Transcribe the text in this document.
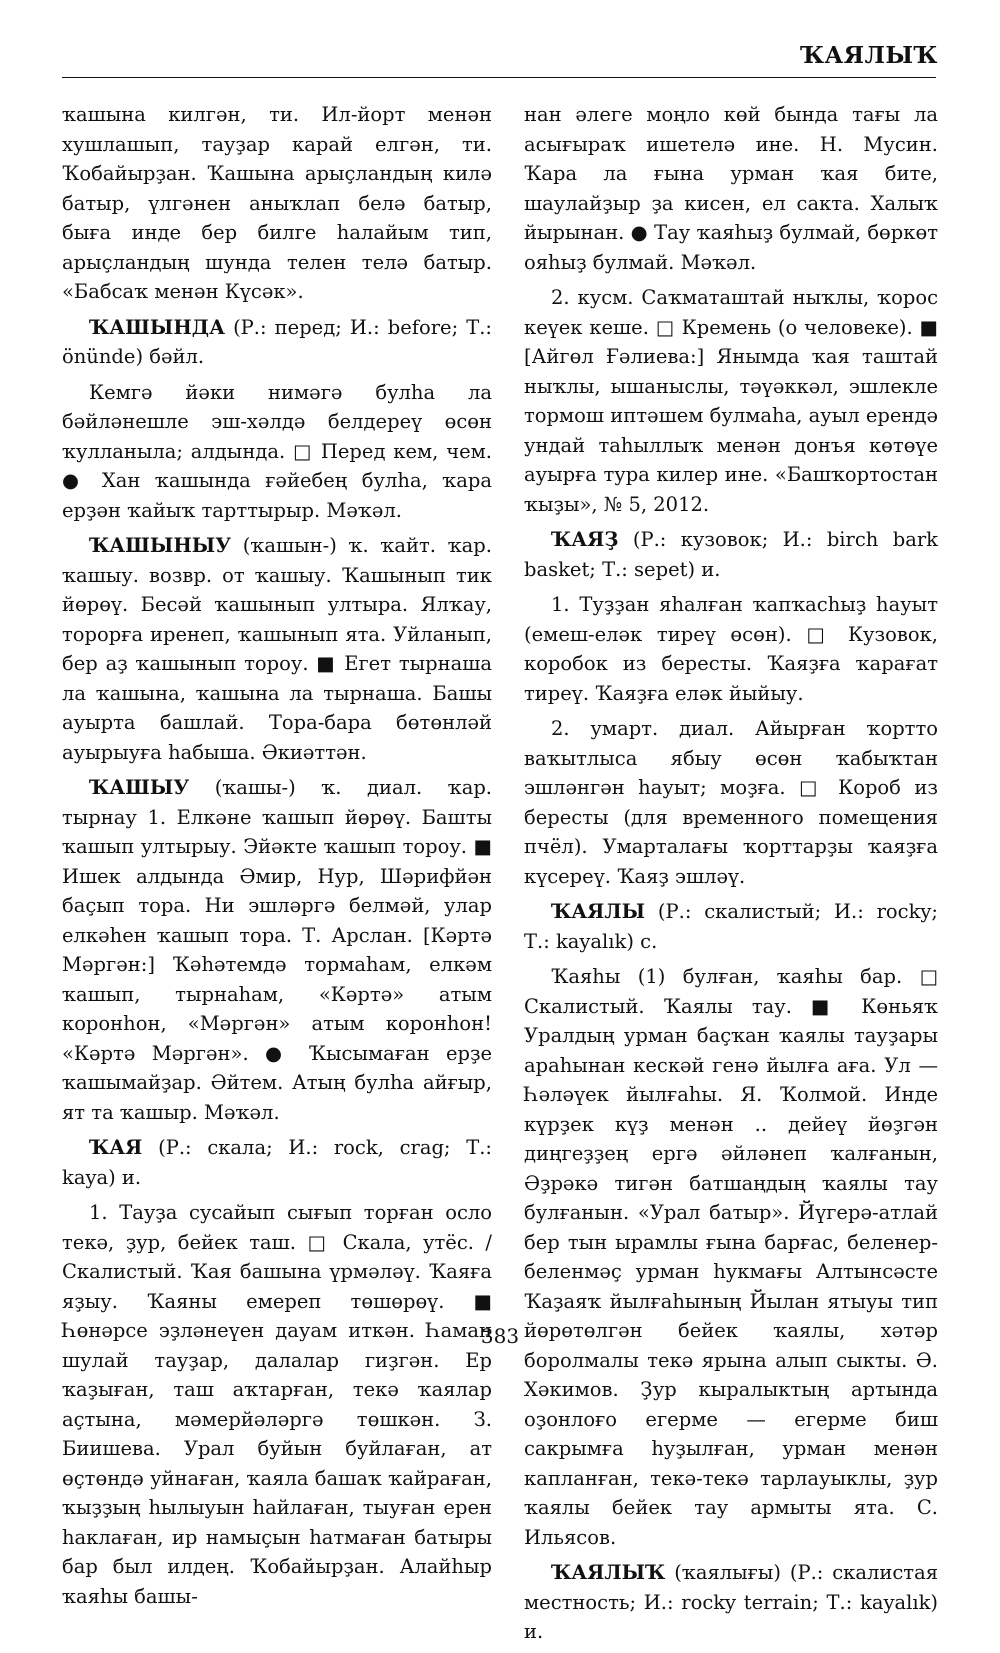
ҠАЯЛЫҠ

ҡашына килгән, ти. Ил-йорт менән хушлашып, тауҙар карай елгән, ти. Ҡобайырҙан. Ҡашына арыҫландың килә батыр, үлгәнен аныҡлап белә батыр, быға инде бер билге һалайым тип, арыҫландың шунда телен телә батыр. «Бабсаҡ менән Күсәк».

ҠАШЫНДА (Р.: перед; И.: before; Т.: önünde) бәйл.

Кемгә йәки нимәгә булһа ла бәйләнешле эш-хәлдә белдереү өсөн ҡулланыла; алдында. □ Перед кем, чем. ● Хан ҡашында ғәйебең булһа, ҡара ерҙән ҡайыҡ тарттырыр. Мәҡәл.

ҠАШЫНЫУ (ҡашын-) ҡ. ҡайт. ҡар. ҡашыу. возвр. от ҡашыу. Ҡашынып тик йөрөү. Бесәй ҡашынып ултыра. Ялҡау, торорға иренеп, ҡашынып ята. Уйланып, бер аҙ ҡашынып тороу. ■ Егет тырнаша ла ҡашына, ҡашына ла тырнаша. Башы ауырта башлай. Тора-бара бөтөнләй ауырыуға һабыша. Әкиәттән.

ҠАШЫУ (ҡашы-) ҡ. диал. ҡар. тырнау 1. Елкәне ҡашып йөрөү. Башты ҡашып ултырыу. Эйәкте ҡашып тороу. ■ Ишек алдында Әмир, Нур, Шәрифйән баҫып тора. Ни эшләргә белмәй, улар елкәһен ҡашып тора. Т. Арслан. [Кәртә Мәргән:] Ҡәһәтемдә тормаһам, елкәм ҡашып, тырнаһам, «Кәртә» атым коронһон, «Мәргән» атым коронһон! «Кәртә Мәргән». ● Ҡысымаған ерҙе ҡашымайҙар. Әйтем. Атың булһа айғыр, ят та ҡашыр. Мәҡәл.

ҠАЯ (Р.: скала; И.: rock, crag; Т.: kaya) и.

1. Тауҙа сусайып сығып торған осло текә, ҙур, бейек таш. □ Скала, утёс. / Скалистый. Ҡая башына үрмәләү. Ҡаяға яҙыу. Ҡаяны емереп төшөрөү. ■ Һөнәрсе эҙләнеүен дауам иткән. Һаман шулай тауҙар, далалар гиҙгән. Ер ҡаҙыған, таш аҡтарған, текә ҡаялар аҫтына, мәмерйәләргә төшкән. З. Биишева. Урал буйын буйлаған, ат өҫтөндә уйнаған, ҡаяла башаҡ ҡайраған, ҡыҙҙың һылыуын һайлаған, тыуған ерен һаклаған, ир намыҫын һатмаған батыры бар был илдең. Ҡобайырҙан. Алайһыр ҡаяһы башы-

нан әлеге моңло көй бында тағы ла асығыраҡ ишетелә ине. Н. Мусин. Ҡара ла ғына урман ҡая бите, шаулайҙыр ҙа кисен, ел сакта. Халыҡ йырынан. ● Тау ҡаяһыҙ булмай, бөркөт ояһыҙ булмай. Мәҡәл.

2. кусм. Саҡматаштай ныҡлы, ҡорос кеүек кеше. □ Кремень (о человеке). ■ [Айгөл Ғәлиева:] Янымда ҡая таштай ныҡлы, ышаныслы, тәүәккәл, эшлекле тормош иптәшем булмаһа, ауыл ерендә ундай таһыллыҡ менән донъя көтөүе ауырға тура килер ине. «Башҡортостан ҡыҙы», № 5, 2012.

ҠАЯҘ (Р.: кузовок; И.: birch bark basket; Т.: sepet) и.

1. Туҙҙан яһалған ҡапҡасһыҙ һауыт (емеш-еләк тиреү өсөн). □ Кузовок, коробок из бересты. Ҡаяҙға ҡарағат тиреү. Ҡаяҙға еләк йыйыу.

2. умарт. диал. Айырған ҡортто ваҡытлыса ябыу өсөн ҡабыҡтан эшләнгән һауыт; моҙға. □ Короб из бересты (для временного помещения пчёл). Умарталағы ҡорттарҙы ҡаяҙға күсереү. Ҡаяҙ эшләү.

ҠАЯЛЫ (Р.: скалистый; И.: rocky; Т.: kayalık) с.

Ҡаяһы (1) булған, ҡаяһы бар. □ Скалистый. Ҡаялы тау. ■ Көньяҡ Уралдың урман баҫҡан ҡаялы тауҙары араһынан кескәй генә йылға аға. Ул — Һәләүек йылғаһы. Я. Ҡолмой. Инде күрҙек күҙ менән .. дейеү йөҙгән диңгеҙҙең ергә әйләнеп ҡалғанын, Әҙрәкә тигән батшаңдың ҡаялы тау булғанын. «Урал батыр». Йүгерә-атлай бер тын ырамлы ғына барғас, беленер-беленмәҫ урман һукмағы Алтынсәсте Ҡаҙаяҡ йылғаһының Йылан ятыуы тип йөрөтөлгән бейек ҡаялы, хәтәр боролмалы текә ярына алып сыкты. Ә. Хәкимов. Ҙур кыралыктың артында оҙонлоғо егерме — егерме биш сакрымға һуҙылған, урман менән капланған, текә-текә тарлауыклы, ҙур ҡаялы бейек тау армыты ята. С. Ильясов.

ҠАЯЛЫҠ (ҡаялығы) (Р.: скалистая местность; И.: rocky terrain; Т.: kayalık) и.

383
